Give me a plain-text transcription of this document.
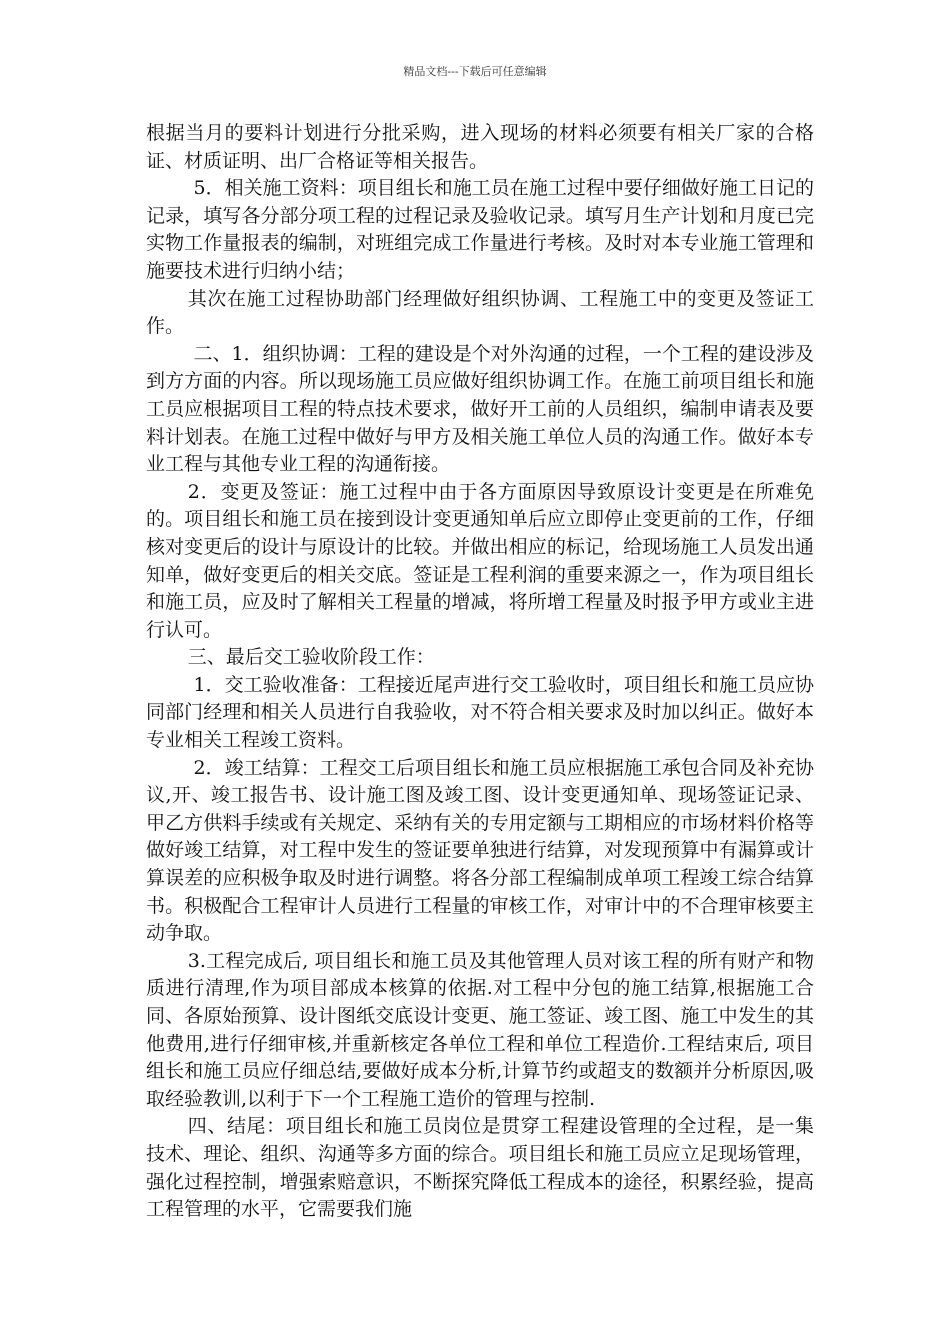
精品文档---下载后可任意编辑

根据当月的要料计划进行分批采购，进入现场的材料必须要有相关厂家的合格证、材质证明、出厂合格证等相关报告。

5．相关施工资料：项目组长和施工员在施工过程中要仔细做好施工日记的记录，填写各分部分项工程的过程记录及验收记录。填写月生产计划和月度已完实物工作量报表的编制，对班组完成工作量进行考核。及时对本专业施工管理和施要技术进行归纳小结；

其次在施工过程协助部门经理做好组织协调、工程施工中的变更及签证工作。

二、1．组织协调：工程的建设是个对外沟通的过程，一个工程的建设涉及到方方面的内容。所以现场施工员应做好组织协调工作。在施工前项目组长和施工员应根据项目工程的特点技术要求，做好开工前的人员组织，编制申请表及要料计划表。在施工过程中做好与甲方及相关施工单位人员的沟通工作。做好本专业工程与其他专业工程的沟通衔接。

2．变更及签证：施工过程中由于各方面原因导致原设计变更是在所难免的。项目组长和施工员在接到设计变更通知单后应立即停止变更前的工作，仔细核对变更后的设计与原设计的比较。并做出相应的标记，给现场施工人员发出通知单，做好变更后的相关交底。签证是工程利润的重要来源之一，作为项目组长和施工员，应及时了解相关工程量的增减，将所增工程量及时报予甲方或业主进行认可。

三、最后交工验收阶段工作：

1．交工验收准备：工程接近尾声进行交工验收时，项目组长和施工员应协同部门经理和相关人员进行自我验收，对不符合相关要求及时加以纠正。做好本专业相关工程竣工资料。

2．竣工结算：工程交工后项目组长和施工员应根据施工承包合同及补充协议,开、竣工报告书、设计施工图及竣工图、设计变更通知单、现场签证记录、甲乙方供料手续或有关规定、采纳有关的专用定额与工期相应的市场材料价格等做好竣工结算，对工程中发生的签证要单独进行结算，对发现预算中有漏算或计算误差的应积极争取及时进行调整。将各分部工程编制成单项工程竣工综合结算书。积极配合工程审计人员进行工程量的审核工作，对审计中的不合理审核要主动争取。

3.工程完成后, 项目组长和施工员及其他管理人员对该工程的所有财产和物质进行清理,作为项目部成本核算的依据.对工程中分包的施工结算,根据施工合同、各原始预算、设计图纸交底设计变更、施工签证、竣工图、施工中发生的其他费用,进行仔细审核,并重新核定各单位工程和单位工程造价.工程结束后, 项目组长和施工员应仔细总结,要做好成本分析,计算节约或超支的数额并分析原因,吸取经验教训,以利于下一个工程施工造价的管理与控制.

四、结尾：项目组长和施工员岗位是贯穿工程建设管理的全过程，是一集技术、理论、组织、沟通等多方面的综合。项目组长和施工员应立足现场管理，强化过程控制，增强索赔意识，不断探究降低工程成本的途径，积累经验，提高工程管理的水平，它需要我们施
